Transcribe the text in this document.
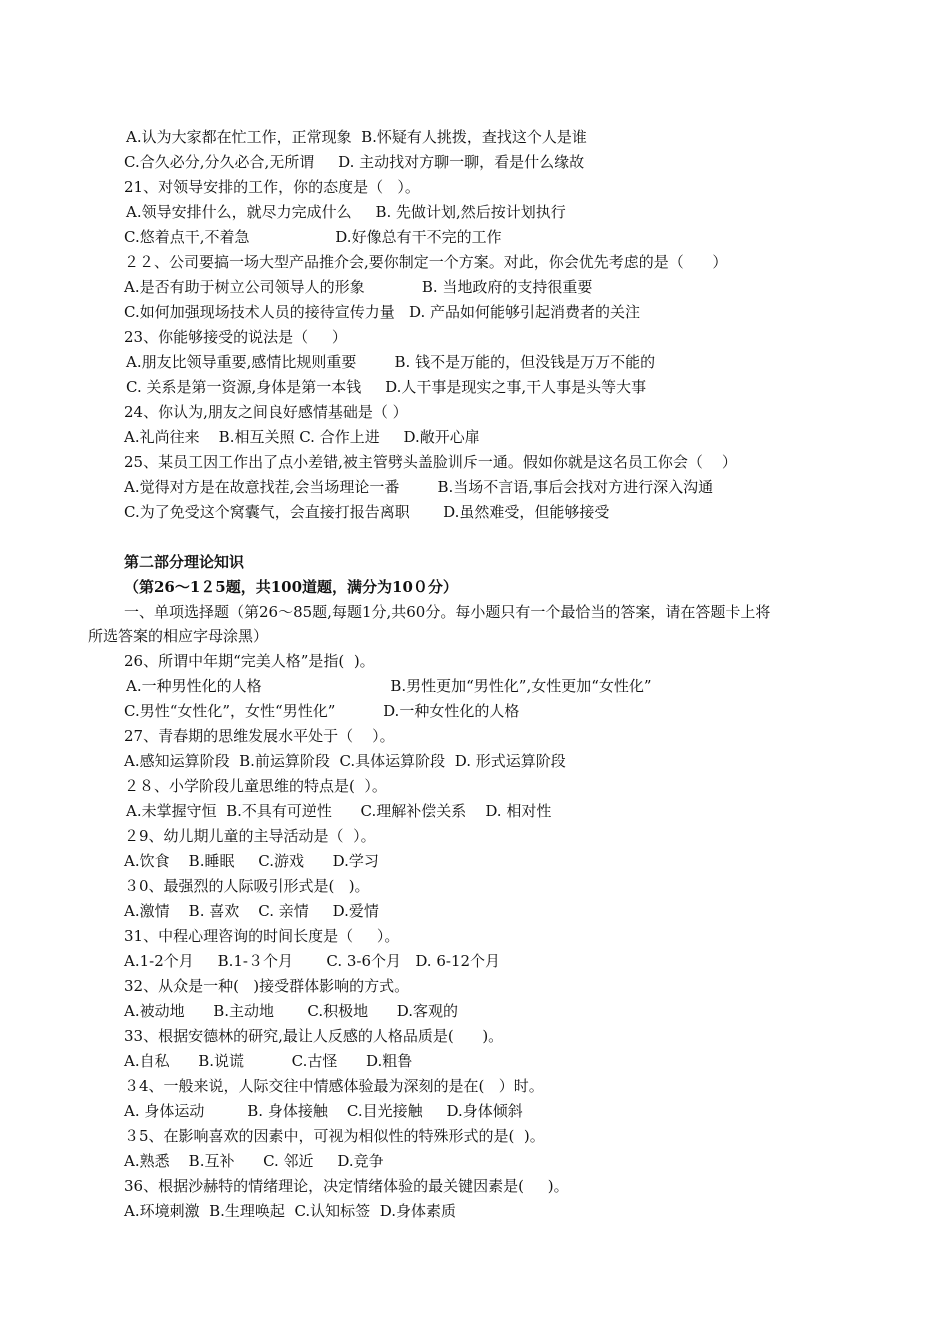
A.认为大家都在忙工作，正常现象  B.怀疑有人挑拨，查找这个人是谁
C.合久必分,分久必合,无所谓     D. 主动找对方聊一聊，看是什么缘故
21、对领导安排的工作，你的态度是（   ）。
A.领导安排什么，就尽力完成什么     B. 先做计划,然后按计划执行
C.悠着点干,不着急                  D.好像总有干不完的工作
２２、公司要搞一场大型产品推介会,要你制定一个方案。对此，你会优先考虑的是（      ）
A.是否有助于树立公司领导人的形象            B. 当地政府的支持很重要
C.如何加强现场技术人员的接待宣传力量   D. 产品如何能够引起消费者的关注
23、你能够接受的说法是（     ）
A.朋友比领导重要,感情比规则重要        B. 钱不是万能的，但没钱是万万不能的
C. 关系是第一资源,身体是第一本钱     D.人干事是现实之事,干人事是头等大事
24、你认为,朋友之间良好感情基础是（ ）
A.礼尚往来    B.相互关照 C. 合作上进     D.敞开心扉
25、某员工因工作出了点小差错,被主管劈头盖脸训斥一通。假如你就是这名员工你会（    ）
A.觉得对方是在故意找茬,会当场理论一番        B.当场不言语,事后会找对方进行深入沟通
C.为了免受这个窝囊气，会直接打报告离职       D.虽然难受，但能够接受
第二部分理论知识
（第26～1２5题，共100道题，满分为10０分）
一、单项选择题（第26～85题,每题1分,共60分。每小题只有一个最恰当的答案，请在答题卡上将
所选答案的相应字母涂黑）
26、所谓中年期“完美人格”是指(  )。
A.一种男性化的人格                           B.男性更加“男性化”,女性更加“女性化”
C.男性“女性化”，女性“男性化”          D.一种女性化的人格
27、青春期的思维发展水平处于（    ）。
A.感知运算阶段  B.前运算阶段  C.具体运算阶段  D. 形式运算阶段
２８、小学阶段儿童思维的特点是(  ）。
A.未掌握守恒  B.不具有可逆性      C.理解补偿关系    D. 相对性
２9、幼儿期儿童的主导活动是（  ）。
A.饮食    B.睡眠     C.游戏      D.学习
３0、最强烈的人际吸引形式是(   )。
A.激情    B. 喜欢    C. 亲情     D.爱情
31、中程心理咨询的时间长度是（     ）。
A.1-2个月     B.1-３个月       C. 3-6个月   D. 6-12个月
32、从众是一种(   )接受群体影响的方式。
A.被动地      B.主动地       C.积极地      D.客观的
33、根据安德林的研究,最让人反感的人格品质是(      )。
A.自私      B.说谎          C.古怪      D.粗鲁
３4、一般来说，人际交往中情感体验最为深刻的是在(   ）时。
A. 身体运动         B. 身体接触    C.目光接触     D.身体倾斜
３5、在影响喜欢的因素中，可视为相似性的特殊形式的是(  )。
A.熟悉    B.互补      C. 邻近     D.竞争
36、根据沙赫特的情绪理论，决定情绪体验的最关键因素是(     )。
A.环境刺激  B.生理唤起  C.认知标签  D.身体素质
